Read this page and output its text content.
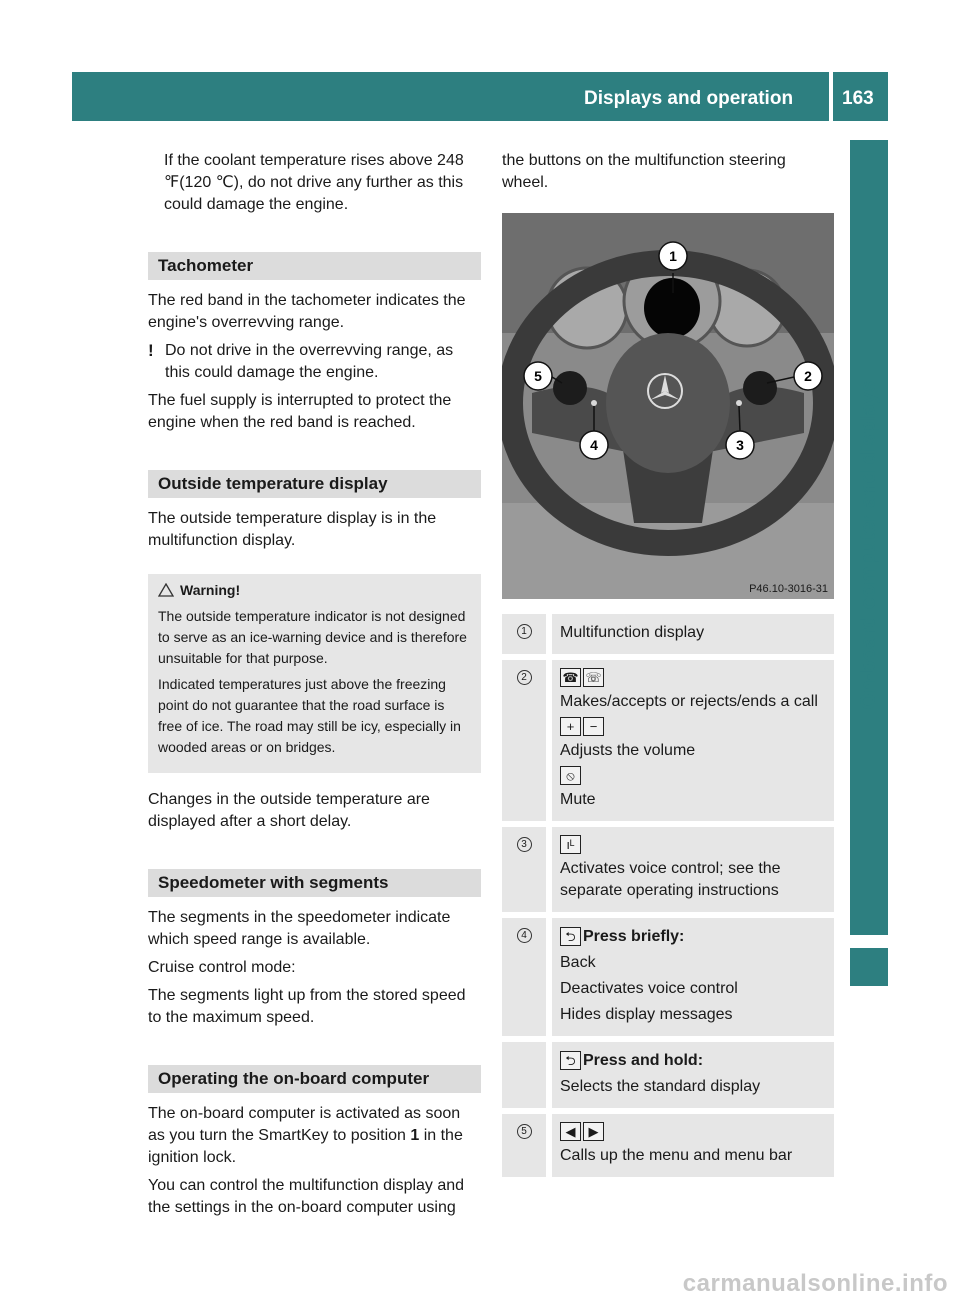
Displays and operation	163
On-board computer and displays

If the coolant temperature rises above 248 ℉(120 ℃), do not drive any further as this could damage the engine.

Tachometer

The red band in the tachometer indicates the engine's overrevving range.

! Do not drive in the overrevving range, as this could damage the engine.

The fuel supply is interrupted to protect the engine when the red band is reached.

Outside temperature display

The outside temperature display is in the multifunction display.

Warning!

The outside temperature indicator is not designed to serve as an ice-warning device and is therefore unsuitable for that purpose.

Indicated temperatures just above the freezing point do not guarantee that the road surface is free of ice. The road may still be icy, especially in wooded areas or on bridges.

Changes in the outside temperature are displayed after a short delay.

Speedometer with segments

The segments in the speedometer indicate which speed range is available.

Cruise control mode:

The segments light up from the stored speed to the maximum speed.

Operating the on-board computer

The on-board computer is activated as soon as you turn the SmartKey to position 1 in the ignition lock.

You can control the multifunction display and the settings in the on-board computer using

the buttons on the multifunction steering wheel.

1
2
3
4
5
P46.10-3016-31
1 Multifunction display
2	☎ ☏
Makes/accepts or rejects/ends a call
+	−
Adjusts the volume
⦸
Mute
3	ıᴸ
Activates voice control; see the separate operating instructions
4	⮌ Press briefly:
Back
Deactivates voice control
Hides display messages
⮌ Press and hold:
Selects the standard display
5	◀	▶
Calls up the menu and menu bar
carmanualsonline.info
